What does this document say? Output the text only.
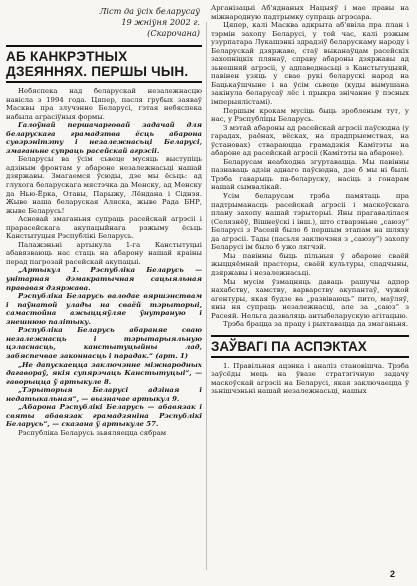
Ліст да ўсіх беларусаў
19 жніўня 2002 г.
(Скарочана)
АБ КАНКРЭТНЫХ
ДЗЕЯННЯХ. ПЕРШЫ ЧЫН.

Небяспека над беларускай незалежнасцю навісла з 1994 года. Цяпер, пасля грубых заяваў Масквы пра злучэнне Беларусі, гэтая небяспека набыла аграсіўныя формы.

Галоўнай першачарговай задачай для беларускага грамадзтва ёсць абарона сувэрэнітэту і незалежнасьці Беларусі, змаганьне супраць расейскай агрэсіі.

Беларусы ва ўсім сьвеце мусяць выступіць адзіным фронтам у абароне незалежнасьці нашай дзяржавы. Змагаемся ўсюды, дзе мы ёсьць: ад глухога беларускага мястэчка да Менску, ад Менску да Нью-Ёрка, Отавы, Парыжу, Лёндана і Сіднэя. Жыве наша беларуская Аляска, жыве Рада БНР, жыве Беларусь!

Асновай змаганьня супраць расейскай агрэсіі і прарасейскага акупацыйнага рэжыму ёсьць Канстытуцыя Рэспублікі Беларусь.

Палажэньні артыкула 1-га Канстытуцыі абавязваюць нас стаць на абарону нашай краіны перад пагрозай расейскай акупацыі.

„Артыкул 1. Рэспубліка Беларусь — унітарная дэмакратычная сацыяльная прававая дзяржава.

Рэспубліка Беларусь валодае вяршэнствам і паўнатой улады на сваёй тэрыторыі, самастойна ажыццяўляе ўнутраную і знешнюю палітыку.

Рэспубліка Беларусь абараняе сваю незалежнасць і тэрытарыяльную цэласнасць, канстытуцыйны лад, забяспечвае законнасць і парадак.“ (арт. 1)

„Не дапускаецца заключэнне міжнародных дагавораў, якія супярэчаць Канстытуцыі“, — гаворыцца ў артыкуле 8.

„Тэрыторыя Беларусі адзіная і недатыкальная“, — вызначае артыкул 9.

„Абарона Рэспублікі Беларусь — абавязак і святы абавязак грамадзяніна Рэспублікі Беларусь“, — сказана ў артыкуле 57.

Рэспубліка Беларусь зьвяляецца сябрам

Арганізацыі Аб'яднаных Нацыяў і мае правы на міжнародную падтрымку супраць агрэсара.

Цяпер, калі Масква адкрыта аб'явіла пра план і тэрмін захопу Беларусі, у той час, калі рэжым узурпатара Лукашэнкі здрадзіў беларускаму народу і Беларускай дзяржаве, стаў выканаўцам расейскіх захопніцкіх плянаў, справу абароны дзяржавы ад зьнешняй агрэсіі, у адпаведнасьці з Канстытуцыяй, павінен узяць у свае рукі беларускі народ на Бацькаўшчыне і ва ўсім сьвеце (куды вымушана закінула беларусаў лёс і прыкра знічанне ў пэсных імперыялістамі).

Першым крокам мусіць быць зробленым тут, у нас, у Рэспубліцы Беларусь.

З мэтай абароны ад расейскай агрэсіі паўсюдна (у гарадах, раёнах, вёсках, на прадпрыемствах, на ўстановах) ствараюцца грамадзкія Камітэты на абароне ад расейскай агрэсіі (Камітэты на абароне).

Беларусам неабходна згуртавацца. Мы павінны пазнаваць адзін аднаго паўсюдна, дзе б мы ні былі. Трэба гаварыць па-беларуску, насіць з гонарам нашай сымвалікай.

Усім беларусам трэба памятаць пра падтрыманасць расейскай агрэсіі і маскоўскага плану захопу нашай тэрыторыі. Яны прагавалілася (Селязнёў, Вішнеўскі і інш.), што стварэньне „саюзу“ Беларусі з Расеяй было б першым этапам на шляху да агрэсіі. Тады (пасьля заключэня з „саюзу“) захопу Беларусі ім было б ужо лягчэй.

Мы павінны быць пільныя ў абароне сваёй жыццяёмнай прасторы, сваёй культуры, спадчыны, дзяржавы і незалежнасьці.

Мы мусім ўзмацняць даваць рашучы адпор нахабству, хамству, варварству акупантаў, чужой агентуры, якая будзе ва „развіваюць“ пито, маўляў, яны ня супраць незалежнасці, але за „саюз“ з Расеяй. Нельга дазваляць антыбеларускую агітацыю.

Трэба брацца за працу і рыхтавацца да змаганьня.

ЗАЎВАГІ ПА АСПЭКТАХ

1. Правільная ацэнка і аналіз становішча. Трэба заўсёды мець на ўвазе стратэгічную задачу маскоўскай агрэсіі на Беларусі, якая заключаецца ў зьнішчэньні нашай незалежнасьці, нашых

2
